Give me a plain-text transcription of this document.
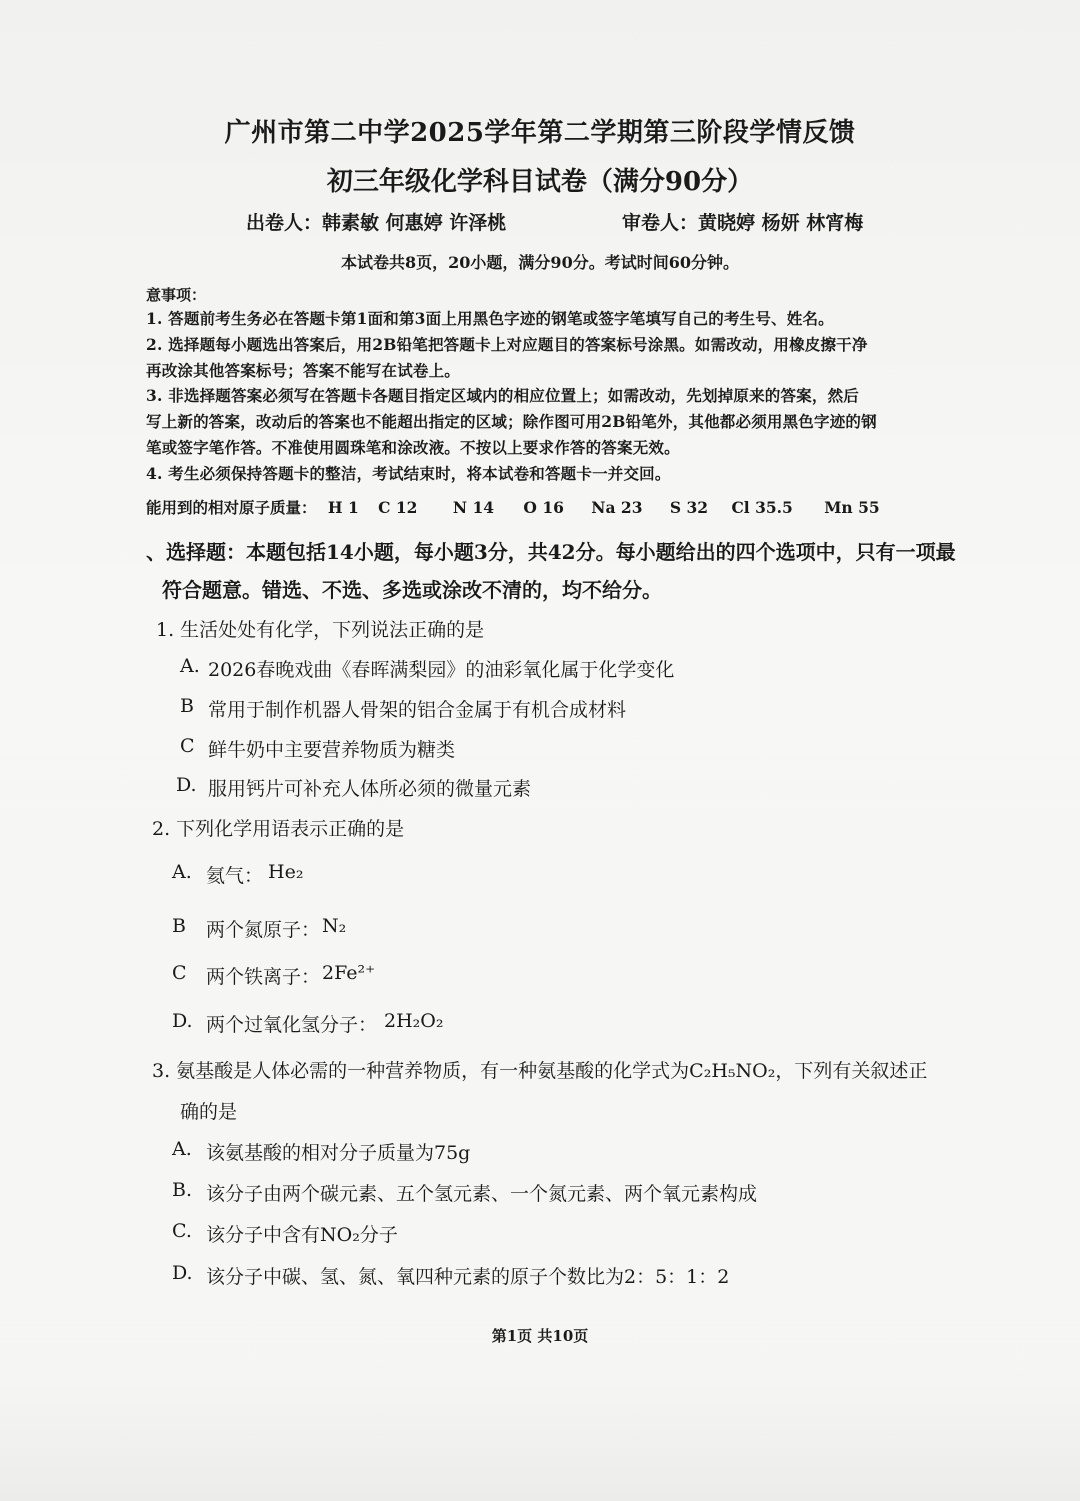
广州市第二中学2025学年第二学期第三阶段学情反馈
初三年级化学科目试卷（满分90分）
出卷人：韩素敏 何惠婷 许泽桃	审卷人：黄晓婷 杨妍 林宵梅
本试卷共8页，20小题，满分90分。考试时间60分钟。
意事项：
1. 答题前考生务必在答题卡第1面和第3面上用黑色字迹的钢笔或签字笔填写自己的考生号、姓名。
2. 选择题每小题选出答案后，用2B铅笔把答题卡上对应题目的答案标号涂黑。如需改动，用橡皮擦干净
再改涂其他答案标号；答案不能写在试卷上。
3. 非选择题答案必须写在答题卡各题目指定区域内的相应位置上；如需改动，先划掉原来的答案，然后
写上新的答案，改动后的答案也不能超出指定的区域；除作图可用2B铅笔外，其他都必须用黑色字迹的钢
笔或签字笔作答。不准使用圆珠笔和涂改液。不按以上要求作答的答案无效。
4. 考生必须保持答题卡的整洁，考试结束时，将本试卷和答题卡一并交回。
能用到的相对原子质量： H 1 C 12 N 14 O 16 Na 23 S 32 Cl 35.5 Mn 55
、选择题：本题包括14小题，每小题3分，共42分。每小题给出的四个选项中，只有一项最
符合题意。错选、不选、多选或涂改不清的，均不给分。
1. 生活处处有化学，下列说法正确的是
A. 2026春晚戏曲《春晖满梨园》的油彩氧化属于化学变化
B 常用于制作机器人骨架的铝合金属于有机合成材料
C 鲜牛奶中主要营养物质为糖类
D. 服用钙片可补充人体所必须的微量元素
2. 下列化学用语表示正确的是
A. 氦气： He₂
B 两个氮原子： N₂
C 两个铁离子： 2Fe²⁺
D. 两个过氧化氢分子： 2H₂O₂
3. 氨基酸是人体必需的一种营养物质，有一种氨基酸的化学式为C₂H₅NO₂，下列有关叙述正
确的是
A. 该氨基酸的相对分子质量为75g
B. 该分子由两个碳元素、五个氢元素、一个氮元素、两个氧元素构成
C. 该分子中含有NO₂分子
D. 该分子中碳、氢、氮、氧四种元素的原子个数比为2：5：1：2
第1页 共10页
